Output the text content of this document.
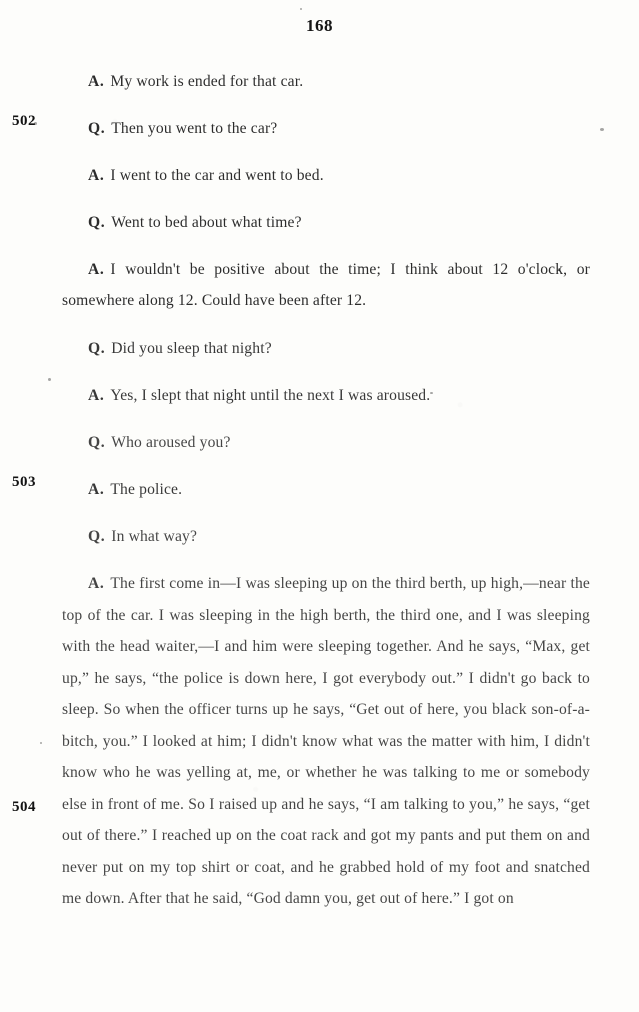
168

A. My work is ended for that car.

502	Q. Then you went to the car?

A. I went to the car and went to bed.

Q. Went to bed about what time?

A. I wouldn't be positive about the time; I think about 12 o'clock, or somewhere along 12. Could have been after 12.

Q. Did you sleep that night?

A. Yes, I slept that night until the next I was aroused.

Q. Who aroused you?

503	A. The police.

Q. In what way?

504

A. The first come in—I was sleeping up on the third berth, up high,—near the top of the car. I was sleeping in the high berth, the third one, and I was sleeping with the head waiter,—I and him were sleeping together. And he says, “Max, get up,” he says, “the police is down here, I got everybody out.” I didn't go back to sleep. So when the officer turns up he says, “Get out of here, you black son-of-a-bitch, you.” I looked at him; I didn't know what was the matter with him, I didn't know who he was yelling at, me, or whether he was talking to me or somebody else in front of me. So I raised up and he says, “I am talking to you,” he says, “get out of there.” I reached up on the coat rack and got my pants and put them on and never put on my top shirt or coat, and he grabbed hold of my foot and snatched me down. After that he said, “God damn you, get out of here.” I got on
